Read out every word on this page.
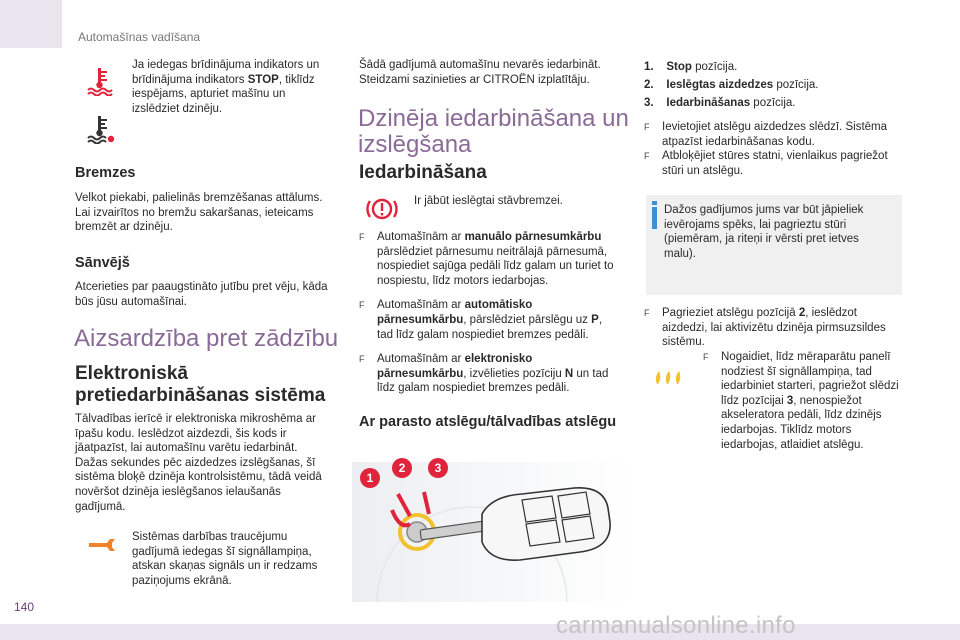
Automašīnas vadīšana
140
carmanualsonline.info
Ja iedegas brīdinājuma indikators un brīdinājuma indikators STOP, tiklīdz iespējams, apturiet mašīnu un izslēdziet dzinēju.
Bremzes
Velkot piekabi, palielinās bremzēšanas attālums. Lai izvairītos no bremžu sakaršanas, ieteicams bremzēt ar dzinēju.
Sānvējš
Atcerieties par paaugstināto jutību pret vēju, kāda būs jūsu automašīnai.
Aizsardzība pret zādzību
Elektroniskā pretiedarbināšanas sistēma
Tālvadības ierīcē ir elektroniska mikroshēma ar īpašu kodu. Ieslēdzot aizdezdi, šis kods ir jāatpazīst, lai automašīnu varētu iedarbināt. Dažas sekundes pēc aizdedzes izslēgšanas, šī sistēma bloķē dzinēja kontrolsistēmu, tādā veidā novēršot dzinēja ieslēgšanos ielaušanās gadījumā.
Sistēmas darbības traucējumu gadījumā iedegas šī signāllampiņa, atskan skaņas signāls un ir redzams paziņojums ekrānā.
Šādā gadījumā automašīnu nevarēs iedarbināt. Steidzami sazinieties ar CITROËN izplatītāju.
Dzinēja iedarbināšana un izslēgšana
Iedarbināšana
Ir jābūt ieslēgtai stāvbremzei.
F Automašīnām ar manuālo pārnesumkārbu pārslēdziet pārnesumu neitrālajā pārnesumā, nospiediet sajūga pedāli līdz galam un turiet to nospiestu, līdz motors iedarbojas.
F Automašīnām ar automātisko pārnesumkārbu, pārslēdziet pārslēgu uz P, tad līdz galam nospiediet bremzes pedāli.
F Automašīnām ar elektronisko pārnesumkārbu, izvēlieties pozīciju N un tad līdz galam nospiediet bremzes pedāli.
Ar parasto atslēgu/tālvadības atslēgu
1
2 3
1. Stop pozīcija.
2. Ieslēgtas aizdedzes pozīcija.
3. Iedarbināšanas pozīcija.
F Ievietojiet atslēgu aizdedzes slēdzī. Sistēma atpazīst iedarbināšanas kodu.
F Atbloķējiet stūres statni, vienlaikus pagriežot stūri un atslēgu.
Dažos gadījumos jums var būt jāpieliek ievērojams spēks, lai pagrieztu stūri (piemēram, ja riteņi ir vērsti pret ietves malu).
F Pagrieziet atslēgu pozīcijā 2, ieslēdzot aizdedzi, lai aktivizētu dzinēja pirmsuzsildes sistēmu.
F Nogaidiet, līdz mēraparātu panelī nodziest šī signāllampiņa, tad iedarbiniet starteri, pagriežot slēdzi līdz pozīcijai 3, nenospiežot akseleratora pedāli, līdz dzinējs iedarbojas. Tiklīdz motors iedarbojas, atlaidiet atslēgu.
